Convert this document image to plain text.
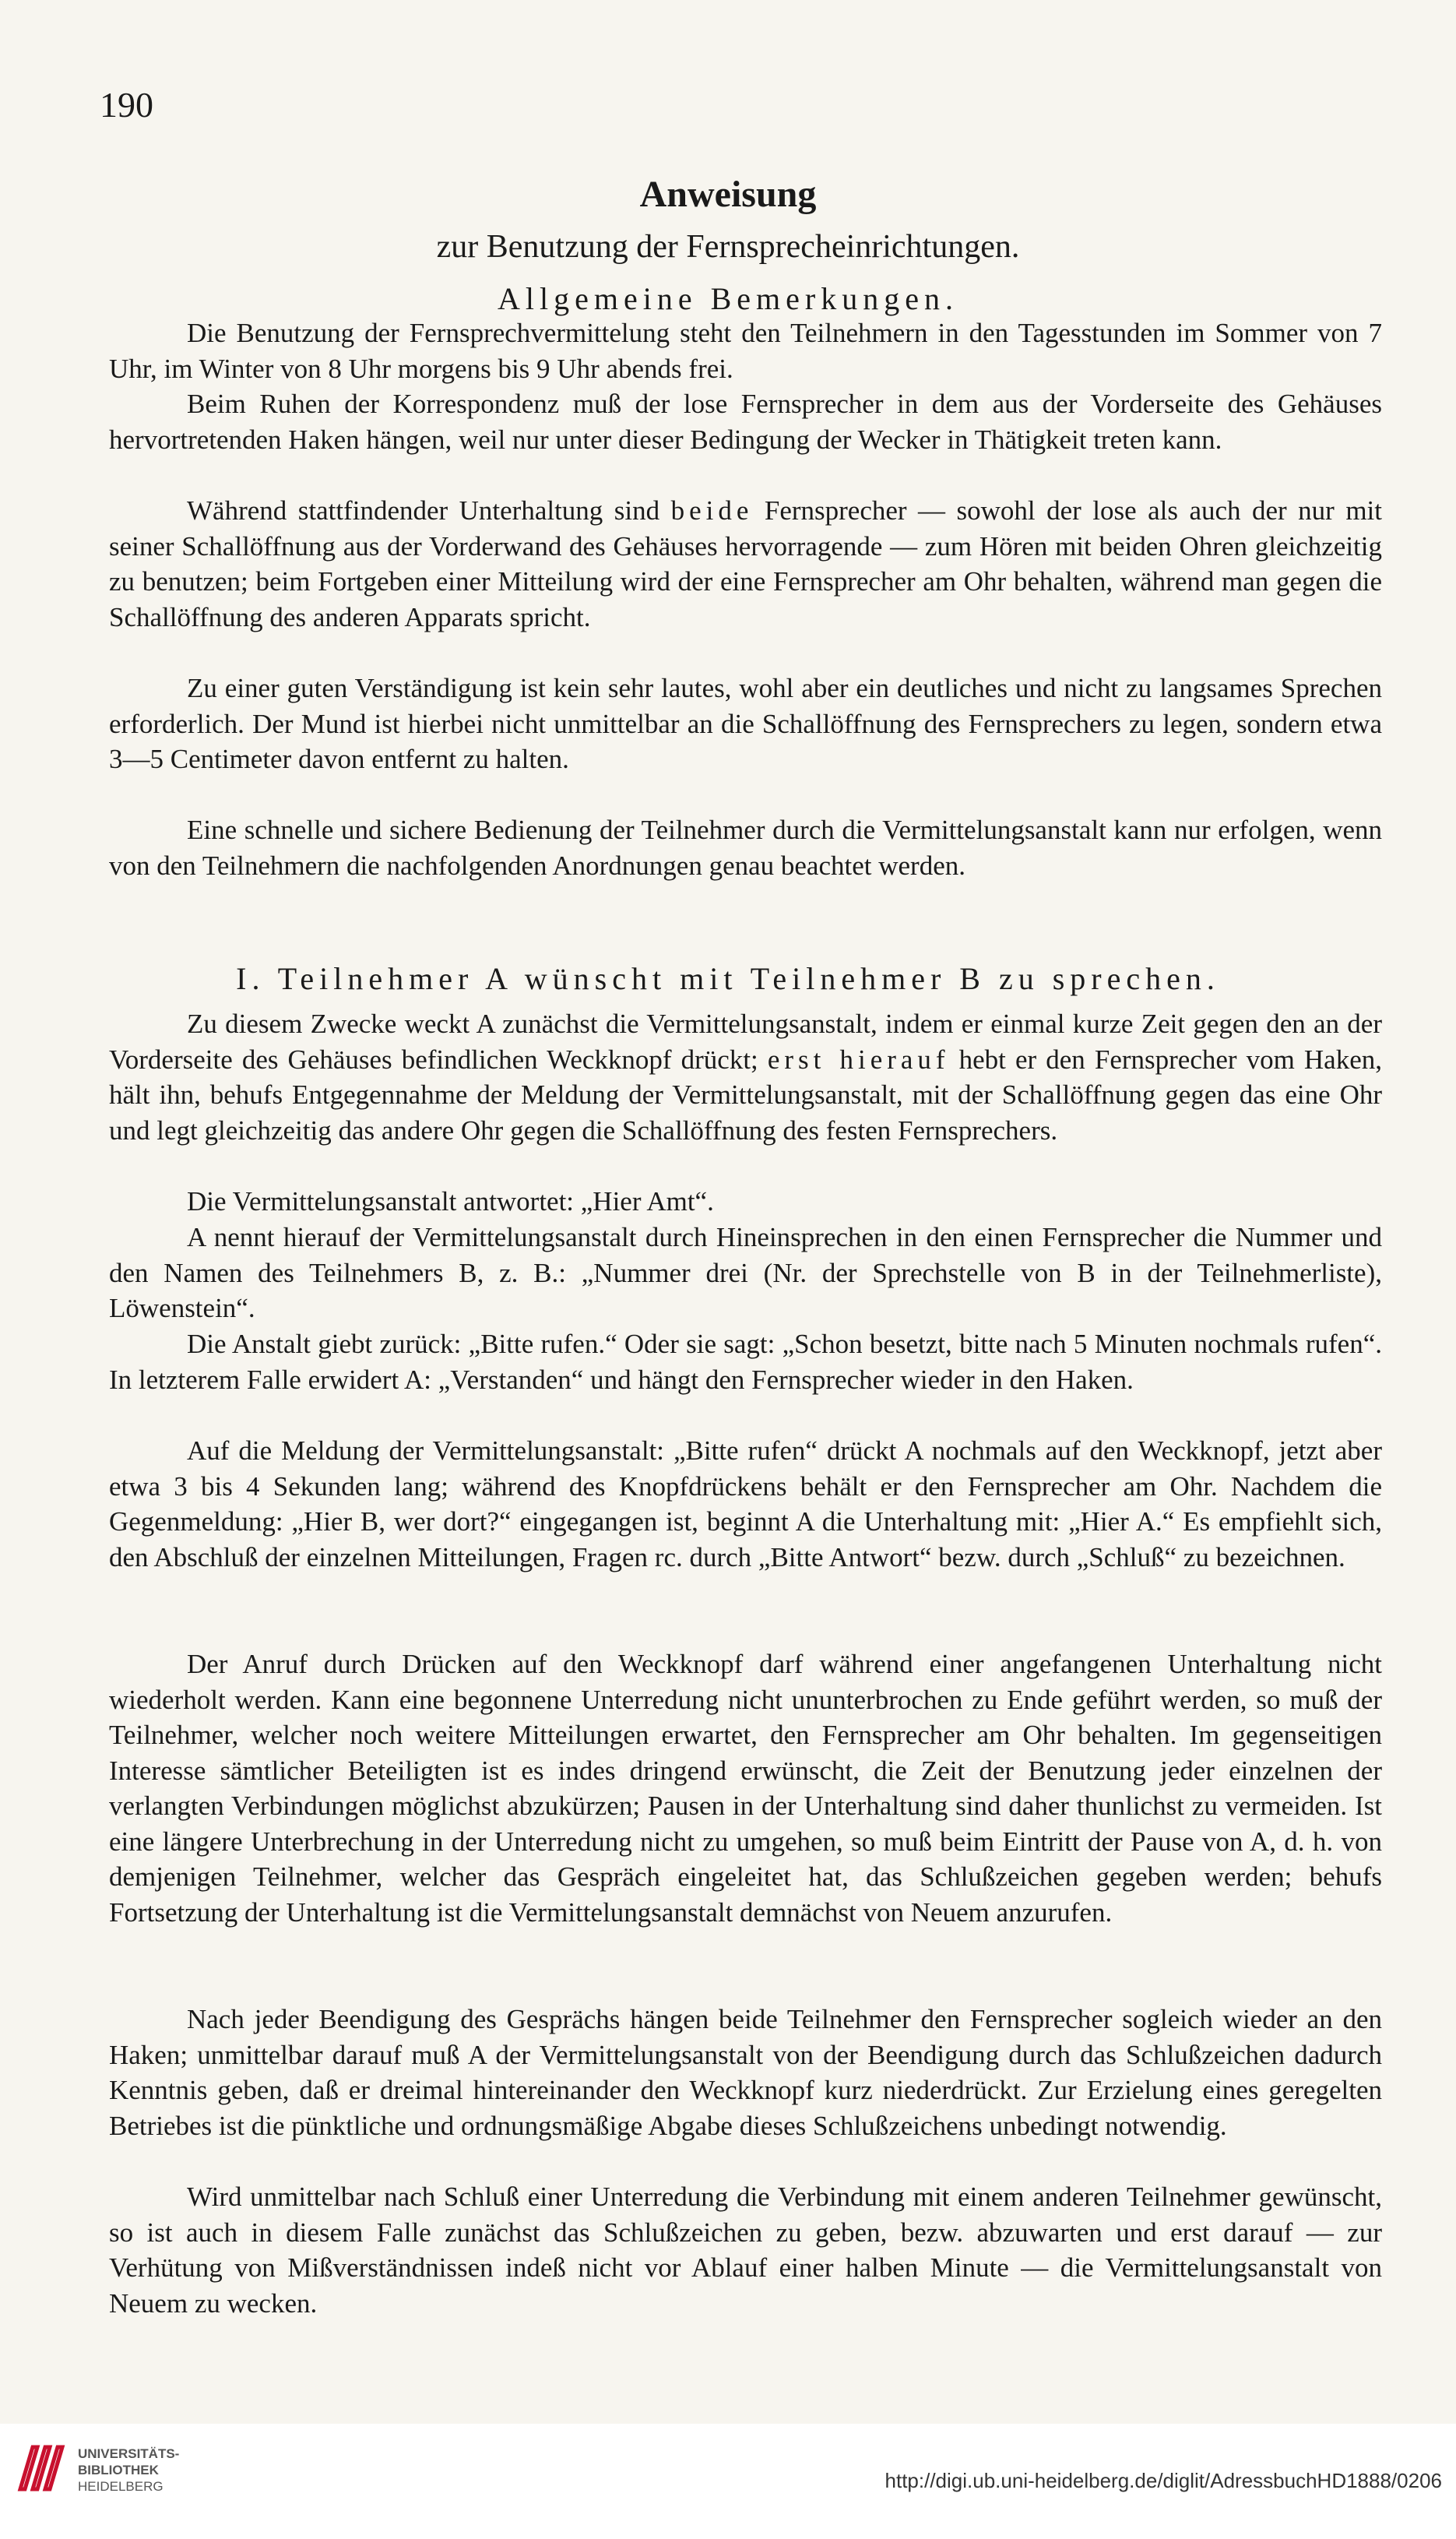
190
Anweisung
zur Benutzung der Fernsprecheinrichtungen.
Allgemeine Bemerkungen.

Die Benutzung der Fernsprechvermittelung steht den Teilnehmern in den Tagesstunden im Sommer von 7 Uhr, im Winter von 8 Uhr morgens bis 9 Uhr abends frei.

Beim Ruhen der Korrespondenz muß der lose Fernsprecher in dem aus der Vorderseite des Gehäuses hervortretenden Haken hängen, weil nur unter dieser Bedingung der Wecker in Thätigkeit treten kann.

Während stattfindender Unterhaltung sind beide Fernsprecher — sowohl der lose als auch der nur mit seiner Schallöffnung aus der Vorderwand des Gehäuses hervorragende — zum Hören mit beiden Ohren gleichzeitig zu benutzen; beim Fortgeben einer Mitteilung wird der eine Fernsprecher am Ohr behalten, während man gegen die Schallöffnung des anderen Apparats spricht.

Zu einer guten Verständigung ist kein sehr lautes, wohl aber ein deutliches und nicht zu langsames Sprechen erforderlich. Der Mund ist hierbei nicht unmittelbar an die Schallöffnung des Fernsprechers zu legen, sondern etwa 3—5 Centimeter davon entfernt zu halten.

Eine schnelle und sichere Bedienung der Teilnehmer durch die Vermittelungsanstalt kann nur erfolgen, wenn von den Teilnehmern die nachfolgenden Anordnungen genau beachtet werden.

I. Teilnehmer A wünscht mit Teilnehmer B zu sprechen.

Zu diesem Zwecke weckt A zunächst die Vermittelungsanstalt, indem er einmal kurze Zeit gegen den an der Vorderseite des Gehäuses befindlichen Weckknopf drückt; erst hierauf hebt er den Fernsprecher vom Haken, hält ihn, behufs Entgegennahme der Meldung der Vermittelungsanstalt, mit der Schallöffnung gegen das eine Ohr und legt gleichzeitig das andere Ohr gegen die Schallöffnung des festen Fernsprechers.

Die Vermittelungsanstalt antwortet: „Hier Amt“.

A nennt hierauf der Vermittelungsanstalt durch Hineinsprechen in den einen Fernsprecher die Nummer und den Namen des Teilnehmers B, z. B.: „Nummer drei (Nr. der Sprechstelle von B in der Teilnehmerliste), Löwenstein“.

Die Anstalt giebt zurück: „Bitte rufen.“ Oder sie sagt: „Schon besetzt, bitte nach 5 Minuten nochmals rufen“. In letzterem Falle erwidert A: „Verstanden“ und hängt den Fernsprecher wieder in den Haken.

Auf die Meldung der Vermittelungsanstalt: „Bitte rufen“ drückt A nochmals auf den Weckknopf, jetzt aber etwa 3 bis 4 Sekunden lang; während des Knopfdrückens behält er den Fernsprecher am Ohr. Nachdem die Gegenmeldung: „Hier B, wer dort?“ eingegangen ist, beginnt A die Unterhaltung mit: „Hier A.“ Es empfiehlt sich, den Abschluß der einzelnen Mitteilungen, Fragen rc. durch „Bitte Antwort“ bezw. durch „Schluß“ zu bezeichnen.

Der Anruf durch Drücken auf den Weckknopf darf während einer angefangenen Unterhaltung nicht wiederholt werden. Kann eine begonnene Unterredung nicht ununterbrochen zu Ende geführt werden, so muß der Teilnehmer, welcher noch weitere Mitteilungen erwartet, den Fernsprecher am Ohr behalten. Im gegenseitigen Interesse sämtlicher Beteiligten ist es indes dringend erwünscht, die Zeit der Benutzung jeder einzelnen der verlangten Verbindungen möglichst abzukürzen; Pausen in der Unterhaltung sind daher thunlichst zu vermeiden. Ist eine längere Unterbrechung in der Unterredung nicht zu umgehen, so muß beim Eintritt der Pause von A, d. h. von demjenigen Teilnehmer, welcher das Gespräch eingeleitet hat, das Schlußzeichen gegeben werden; behufs Fortsetzung der Unterhaltung ist die Vermittelungsanstalt demnächst von Neuem anzurufen.

Nach jeder Beendigung des Gesprächs hängen beide Teilnehmer den Fernsprecher sogleich wieder an den Haken; unmittelbar darauf muß A der Vermittelungsanstalt von der Beendigung durch das Schlußzeichen dadurch Kenntnis geben, daß er dreimal hintereinander den Weckknopf kurz niederdrückt. Zur Erzielung eines geregelten Betriebes ist die pünktliche und ordnungsmäßige Abgabe dieses Schlußzeichens unbedingt notwendig.

Wird unmittelbar nach Schluß einer Unterredung die Verbindung mit einem anderen Teilnehmer gewünscht, so ist auch in diesem Falle zunächst das Schlußzeichen zu geben, bezw. abzuwarten und erst darauf — zur Verhütung von Mißverständnissen indeß nicht vor Ablauf einer halben Minute — die Vermittelungsanstalt von Neuem zu wecken.

UNIVERSITÄTS-
BIBLIOTHEK
HEIDELBERG	http://digi.ub.uni-heidelberg.de/diglit/AdressbuchHD1888/0206
